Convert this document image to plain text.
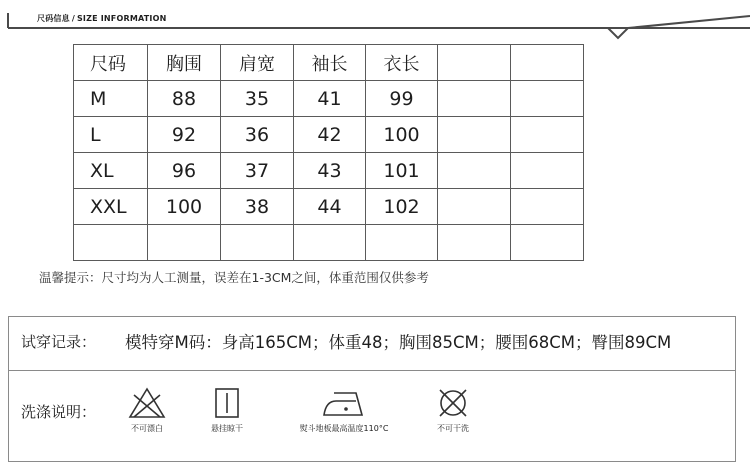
尺码信息 / SIZE INFORMATION
尺码	胸围	肩宽	袖长	衣长		
M	88	35	41	99		
L	92	36	42	100		
XL	96	37	43	101		
XXL	100	38	44	102		

温馨提示：尺寸均为人工测量，误差在1-3CM之间，体重范围仅供参考
试穿记录： 模特穿M码：身高165CM；体重48；胸围85CM；腰围68CM；臀围89CM
洗涤说明：
不可漂白	悬挂晾干	熨斗地板最高温度110°C	不可干洗
